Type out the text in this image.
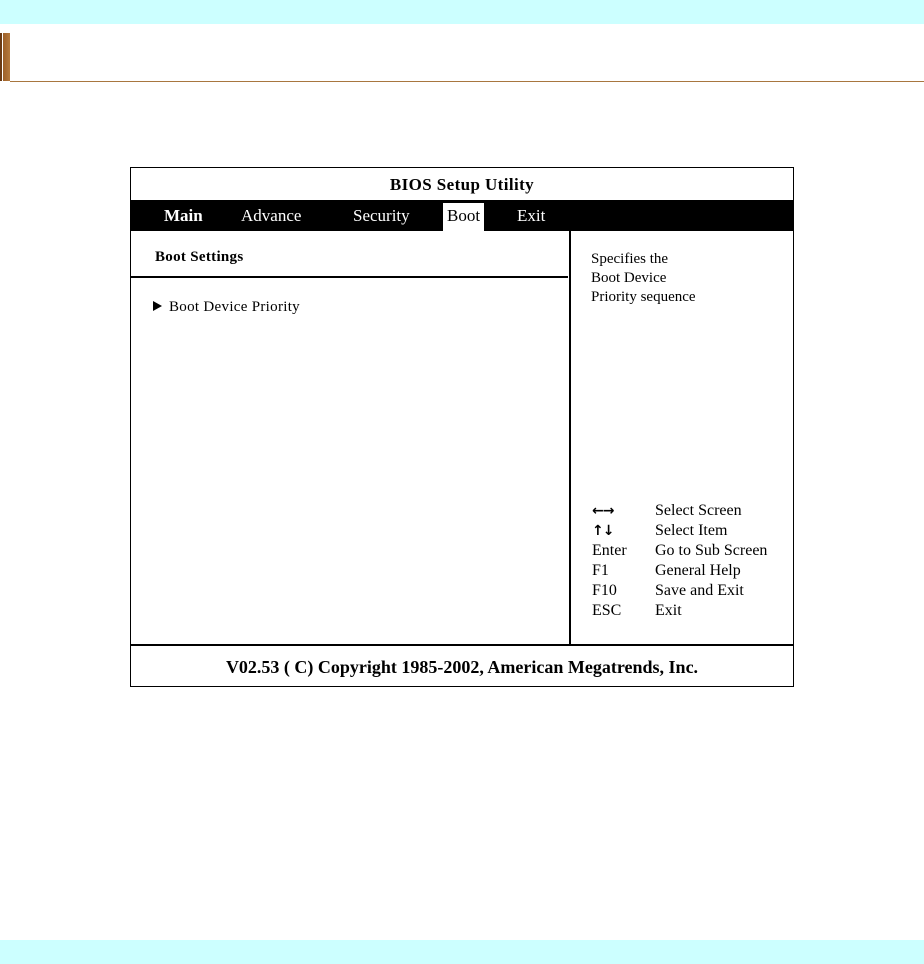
BIOS Setup Utility
Main Advance	Security Boot Exit
Boot Settings
Boot Device Priority
Specifies the
Boot Device
Priority sequence
←→	Select Screen
↑↓	Select Item
Enter	Go to Sub Screen
F1	General Help
F10	Save and Exit
ESC	Exit
V02.53 ( C) Copyright 1985-2002, American Megatrends, Inc.
